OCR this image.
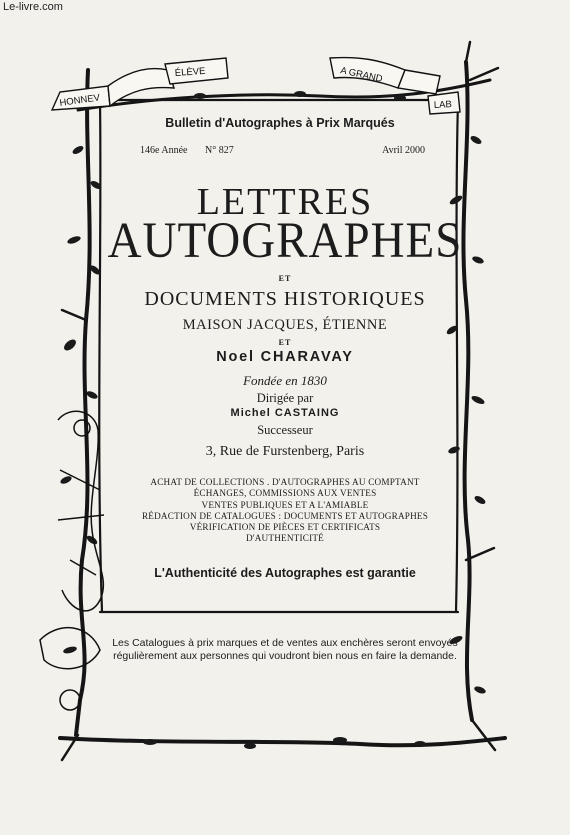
Le-livre.com
HONNEV
ÉLÈVE	A GRAND
LAB
Bulletin d'Autographes à Prix Marqués
146e Année N° 827	Avril 2000
LETTRES
AUTOGRAPHES
ET
DOCUMENTS HISTORIQUES
MAISON JACQUES, ÉTIENNE
ET
Noel CHARAVAY
Fondée en 1830
Dirigée par
Michel CASTAING
Successeur
3, Rue de Furstenberg, Paris
ACHAT DE COLLECTIONS . D'AUTOGRAPHES AU COMPTANT
ÉCHANGES, COMMISSIONS AUX VENTES
VENTES PUBLIQUES ET A L'AMIABLE
RÉDACTION DE CATALOGUES : DOCUMENTS ET AUTOGRAPHES
VÉRIFICATION DE PIÈCES ET CERTIFICATS
D'AUTHENTICITÉ
L'Authenticité des Autographes est garantie
Les Catalogues à prix marques et de ventes aux enchères seront envoyés régulièrement aux personnes qui voudront bien nous en faire la demande.
